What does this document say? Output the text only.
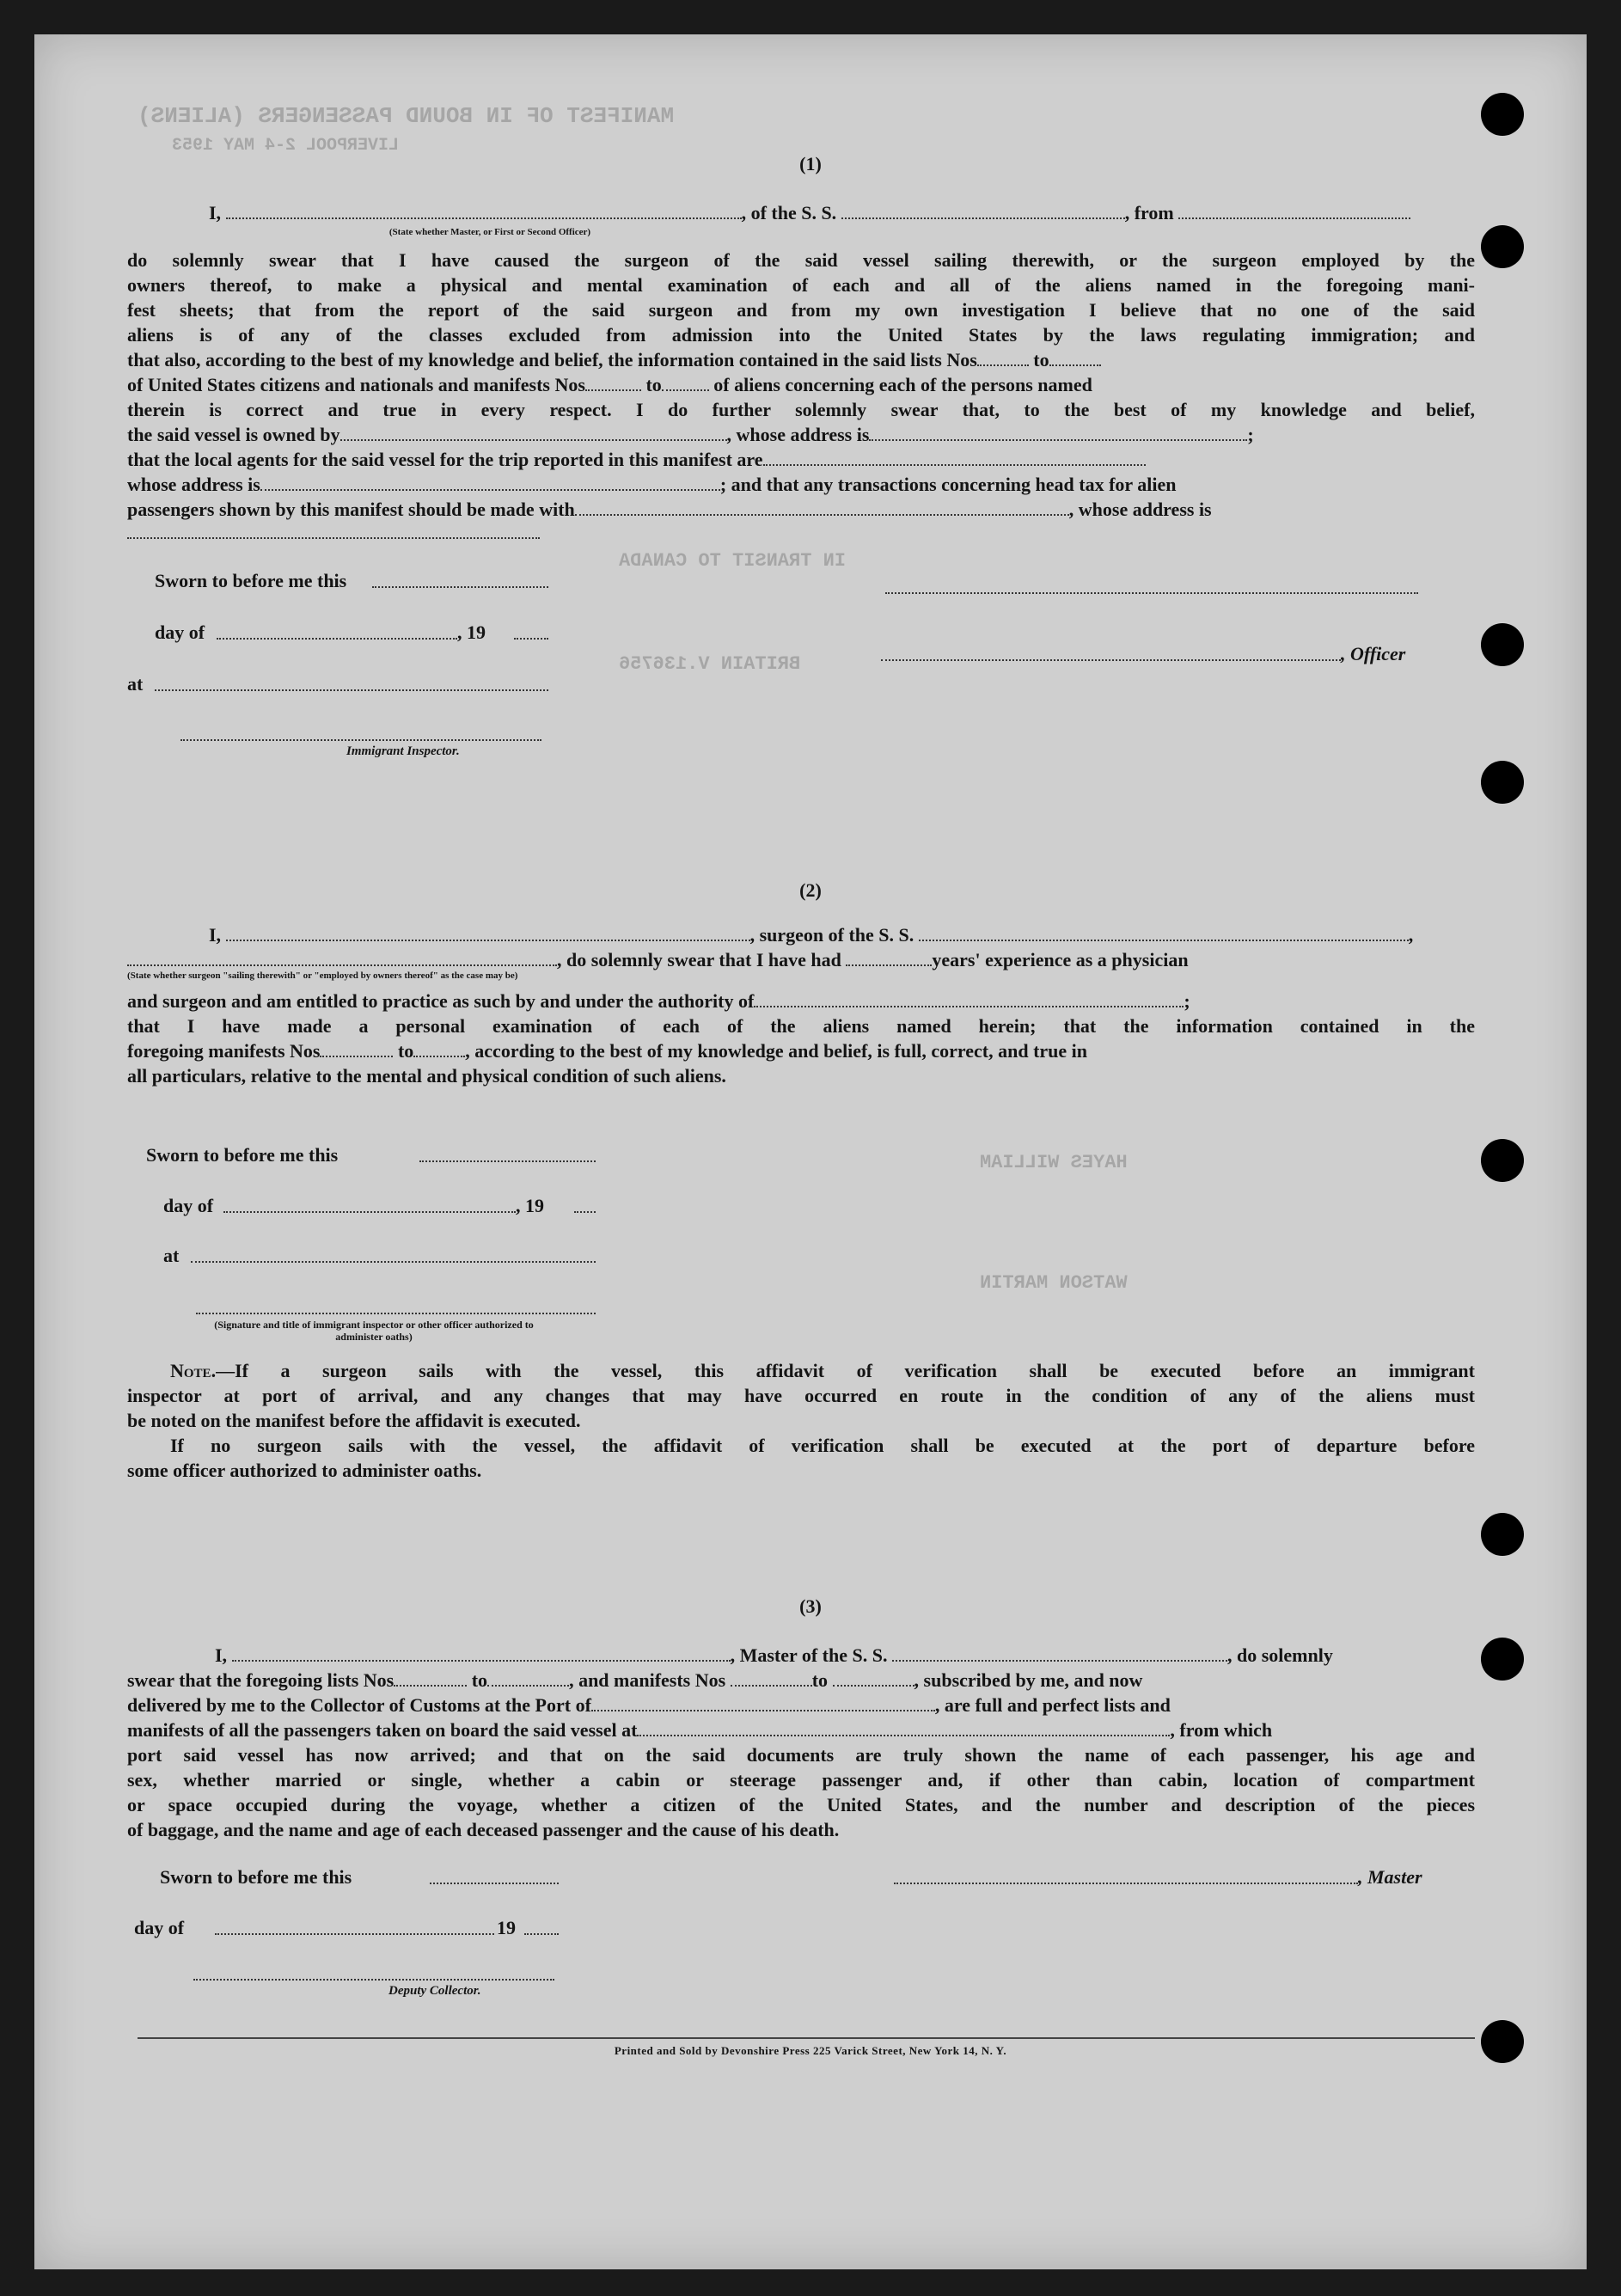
MANIFEST OF IN BOUND PASSENGERS (ALIENS)
LIVERPOOL 2-4 MAY 1953
IN TRANSIT TO CANADA
BRITAIN V.136756
HAYES WILLIAM
WATSON MARTIN
(1)
I,	, of the S. S.	, from
(State whether Master, or First or Second Officer)
do solemnly swear that I have caused the surgeon of the said vessel sailing therewith, or the surgeon employed by the
owners thereof, to make a physical and mental examination of each and all of the aliens named in the foregoing mani-
fest sheets; that from the report of the said surgeon and from my own investigation I believe that no one of the said
aliens is of any of the classes excluded from admission into the United States by the laws regulating immigration; and
that also, according to the best of my knowledge and belief, the information contained in the said lists Nos	to
of United States citizens and nationals and manifests Nos	to	of aliens concerning each of the persons named
therein is correct and true in every respect. I do further solemnly swear that, to the best of my knowledge and belief,
the said vessel is owned by	, whose address is	;
that the local agents for the said vessel for the trip reported in this manifest are
whose address is	; and that any transactions concerning head tax for alien
passengers shown by this manifest should be made with	, whose address is
Sworn to before me this
day of	, 19
, Officer
at
Immigrant Inspector.
(2)
I,	, surgeon of the S. S.	,
, do solemnly swear that I have had	years' experience as a physician
(State whether surgeon "sailing therewith" or "employed by owners thereof" as the case may be)
and surgeon and am entitled to practice as such by and under the authority of	;
that I have made a personal examination of each of the aliens named herein; that the information contained in the
foregoing manifests Nos	to	, according to the best of my knowledge and belief, is full, correct, and true in
all particulars, relative to the mental and physical condition of such aliens.
Sworn to before me this
day of	, 19
at
(Signature and title of immigrant inspector or other officer authorized to administer oaths)
Note.—If a surgeon sails with the vessel, this affidavit of verification shall be executed before an immigrant
inspector at port of arrival, and any changes that may have occurred en route in the condition of any of the aliens must
be noted on the manifest before the affidavit is executed.
If no surgeon sails with the vessel, the affidavit of verification shall be executed at the port of departure before
some officer authorized to administer oaths.
(3)
I,	, Master of the S. S.	, do solemnly
swear that the foregoing lists Nos	to	, and manifests Nos	to	, subscribed by me, and now
delivered by me to the Collector of Customs at the Port of	, are full and perfect lists and
manifests of all the passengers taken on board the said vessel at	, from which
port said vessel has now arrived; and that on the said documents are truly shown the name of each passenger, his age and
sex, whether married or single, whether a cabin or steerage passenger and, if other than cabin, location of compartment
or space occupied during the voyage, whether a citizen of the United States, and the number and description of the pieces
of baggage, and the name and age of each deceased passenger and the cause of his death.
Sworn to before me this	, Master
day of	19
Deputy Collector.
Printed and Sold by Devonshire Press 225 Varick Street, New York 14, N. Y.
